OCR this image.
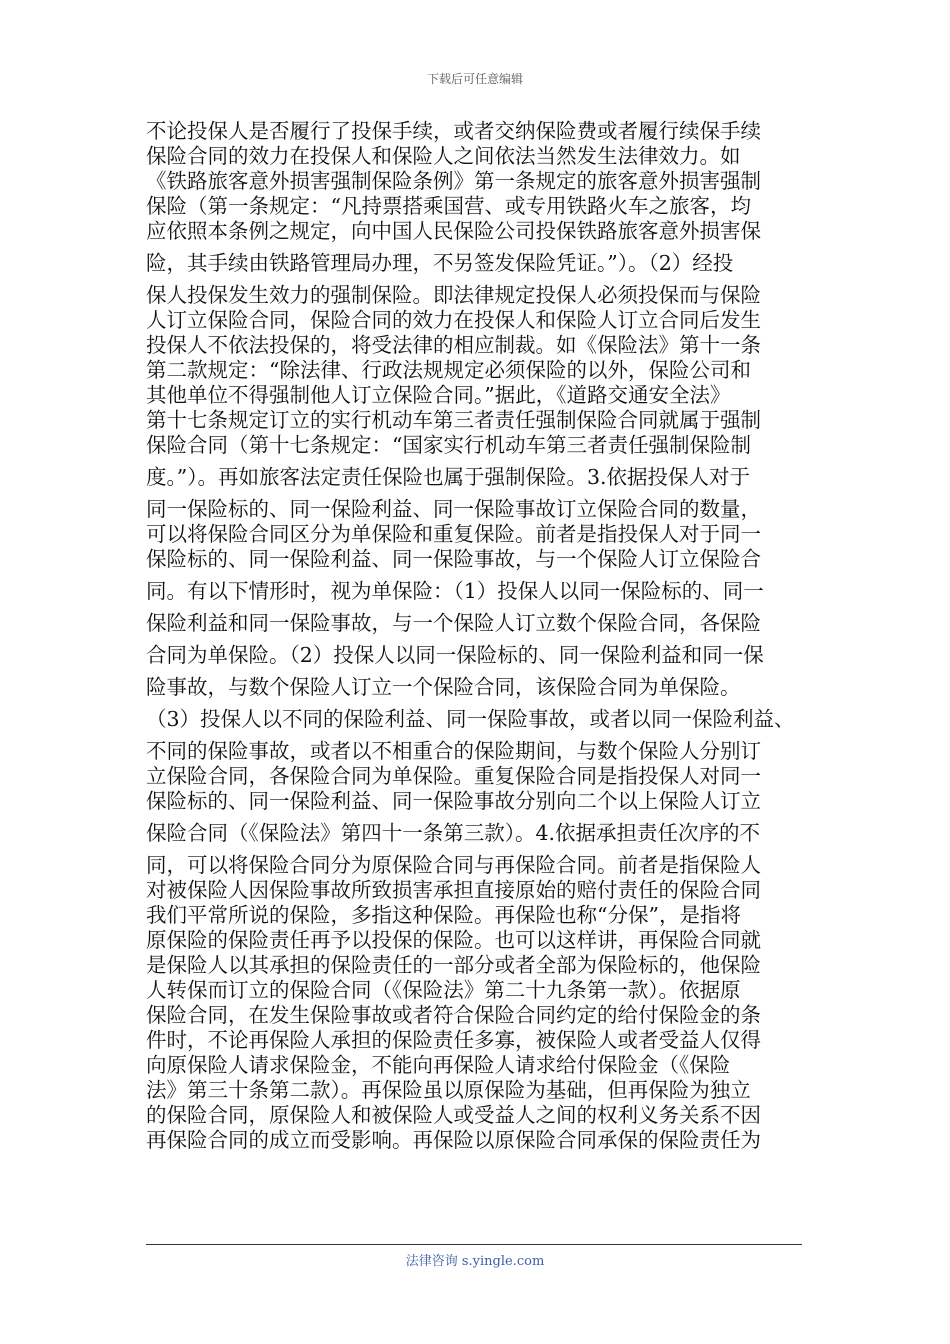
下载后可任意编辑
不论投保人是否履行了投保手续，或者交纳保险费或者履行续保手续
保险合同的效力在投保人和保险人之间依法当然发生法律效力。如
《铁路旅客意外损害强制保险条例》第一条规定的旅客意外损害强制
保险（第一条规定：“凡持票搭乘国营、或专用铁路火车之旅客，均
应依照本条例之规定，向中国人民保险公司投保铁路旅客意外损害保
险，其手续由铁路管理局办理，不另签发保险凭证。”）。（2）经投
保人投保发生效力的强制保险。即法律规定投保人必须投保而与保险
人订立保险合同，保险合同的效力在投保人和保险人订立合同后发生
投保人不依法投保的，将受法律的相应制裁。如《保险法》第十一条
第二款规定：“除法律、行政法规规定必须保险的以外，保险公司和
其他单位不得强制他人订立保险合同。”据此，《道路交通安全法》
第十七条规定订立的实行机动车第三者责任强制保险合同就属于强制
保险合同（第十七条规定：“国家实行机动车第三者责任强制保险制
度。”）。再如旅客法定责任保险也属于强制保险。3.依据投保人对于
同一保险标的、同一保险利益、同一保险事故订立保险合同的数量，
可以将保险合同区分为单保险和重复保险。前者是指投保人对于同一
保险标的、同一保险利益、同一保险事故，与一个保险人订立保险合
同。有以下情形时，视为单保险：（1）投保人以同一保险标的、同一
保险利益和同一保险事故，与一个保险人订立数个保险合同，各保险
合同为单保险。（2）投保人以同一保险标的、同一保险利益和同一保
险事故，与数个保险人订立一个保险合同，该保险合同为单保险。
（3）投保人以不同的保险利益、同一保险事故，或者以同一保险利益、
不同的保险事故，或者以不相重合的保险期间，与数个保险人分别订
立保险合同，各保险合同为单保险。重复保险合同是指投保人对同一
保险标的、同一保险利益、同一保险事故分别向二个以上保险人订立
保险合同（《保险法》第四十一条第三款）。4.依据承担责任次序的不
同，可以将保险合同分为原保险合同与再保险合同。前者是指保险人
对被保险人因保险事故所致损害承担直接原始的赔付责任的保险合同
我们平常所说的保险，多指这种保险。再保险也称“分保”，是指将
原保险的保险责任再予以投保的保险。也可以这样讲，再保险合同就
是保险人以其承担的保险责任的一部分或者全部为保险标的，他保险
人转保而订立的保险合同（《保险法》第二十九条第一款）。依据原
保险合同，在发生保险事故或者符合保险合同约定的给付保险金的条
件时，不论再保险人承担的保险责任多寡，被保险人或者受益人仅得
向原保险人请求保险金，不能向再保险人请求给付保险金（《保险
法》第三十条第二款）。再保险虽以原保险为基础，但再保险为独立
的保险合同，原保险人和被保险人或受益人之间的权利义务关系不因
再保险合同的成立而受影响。再保险以原保险合同承保的保险责任为
法律咨询 s.yingle.com
